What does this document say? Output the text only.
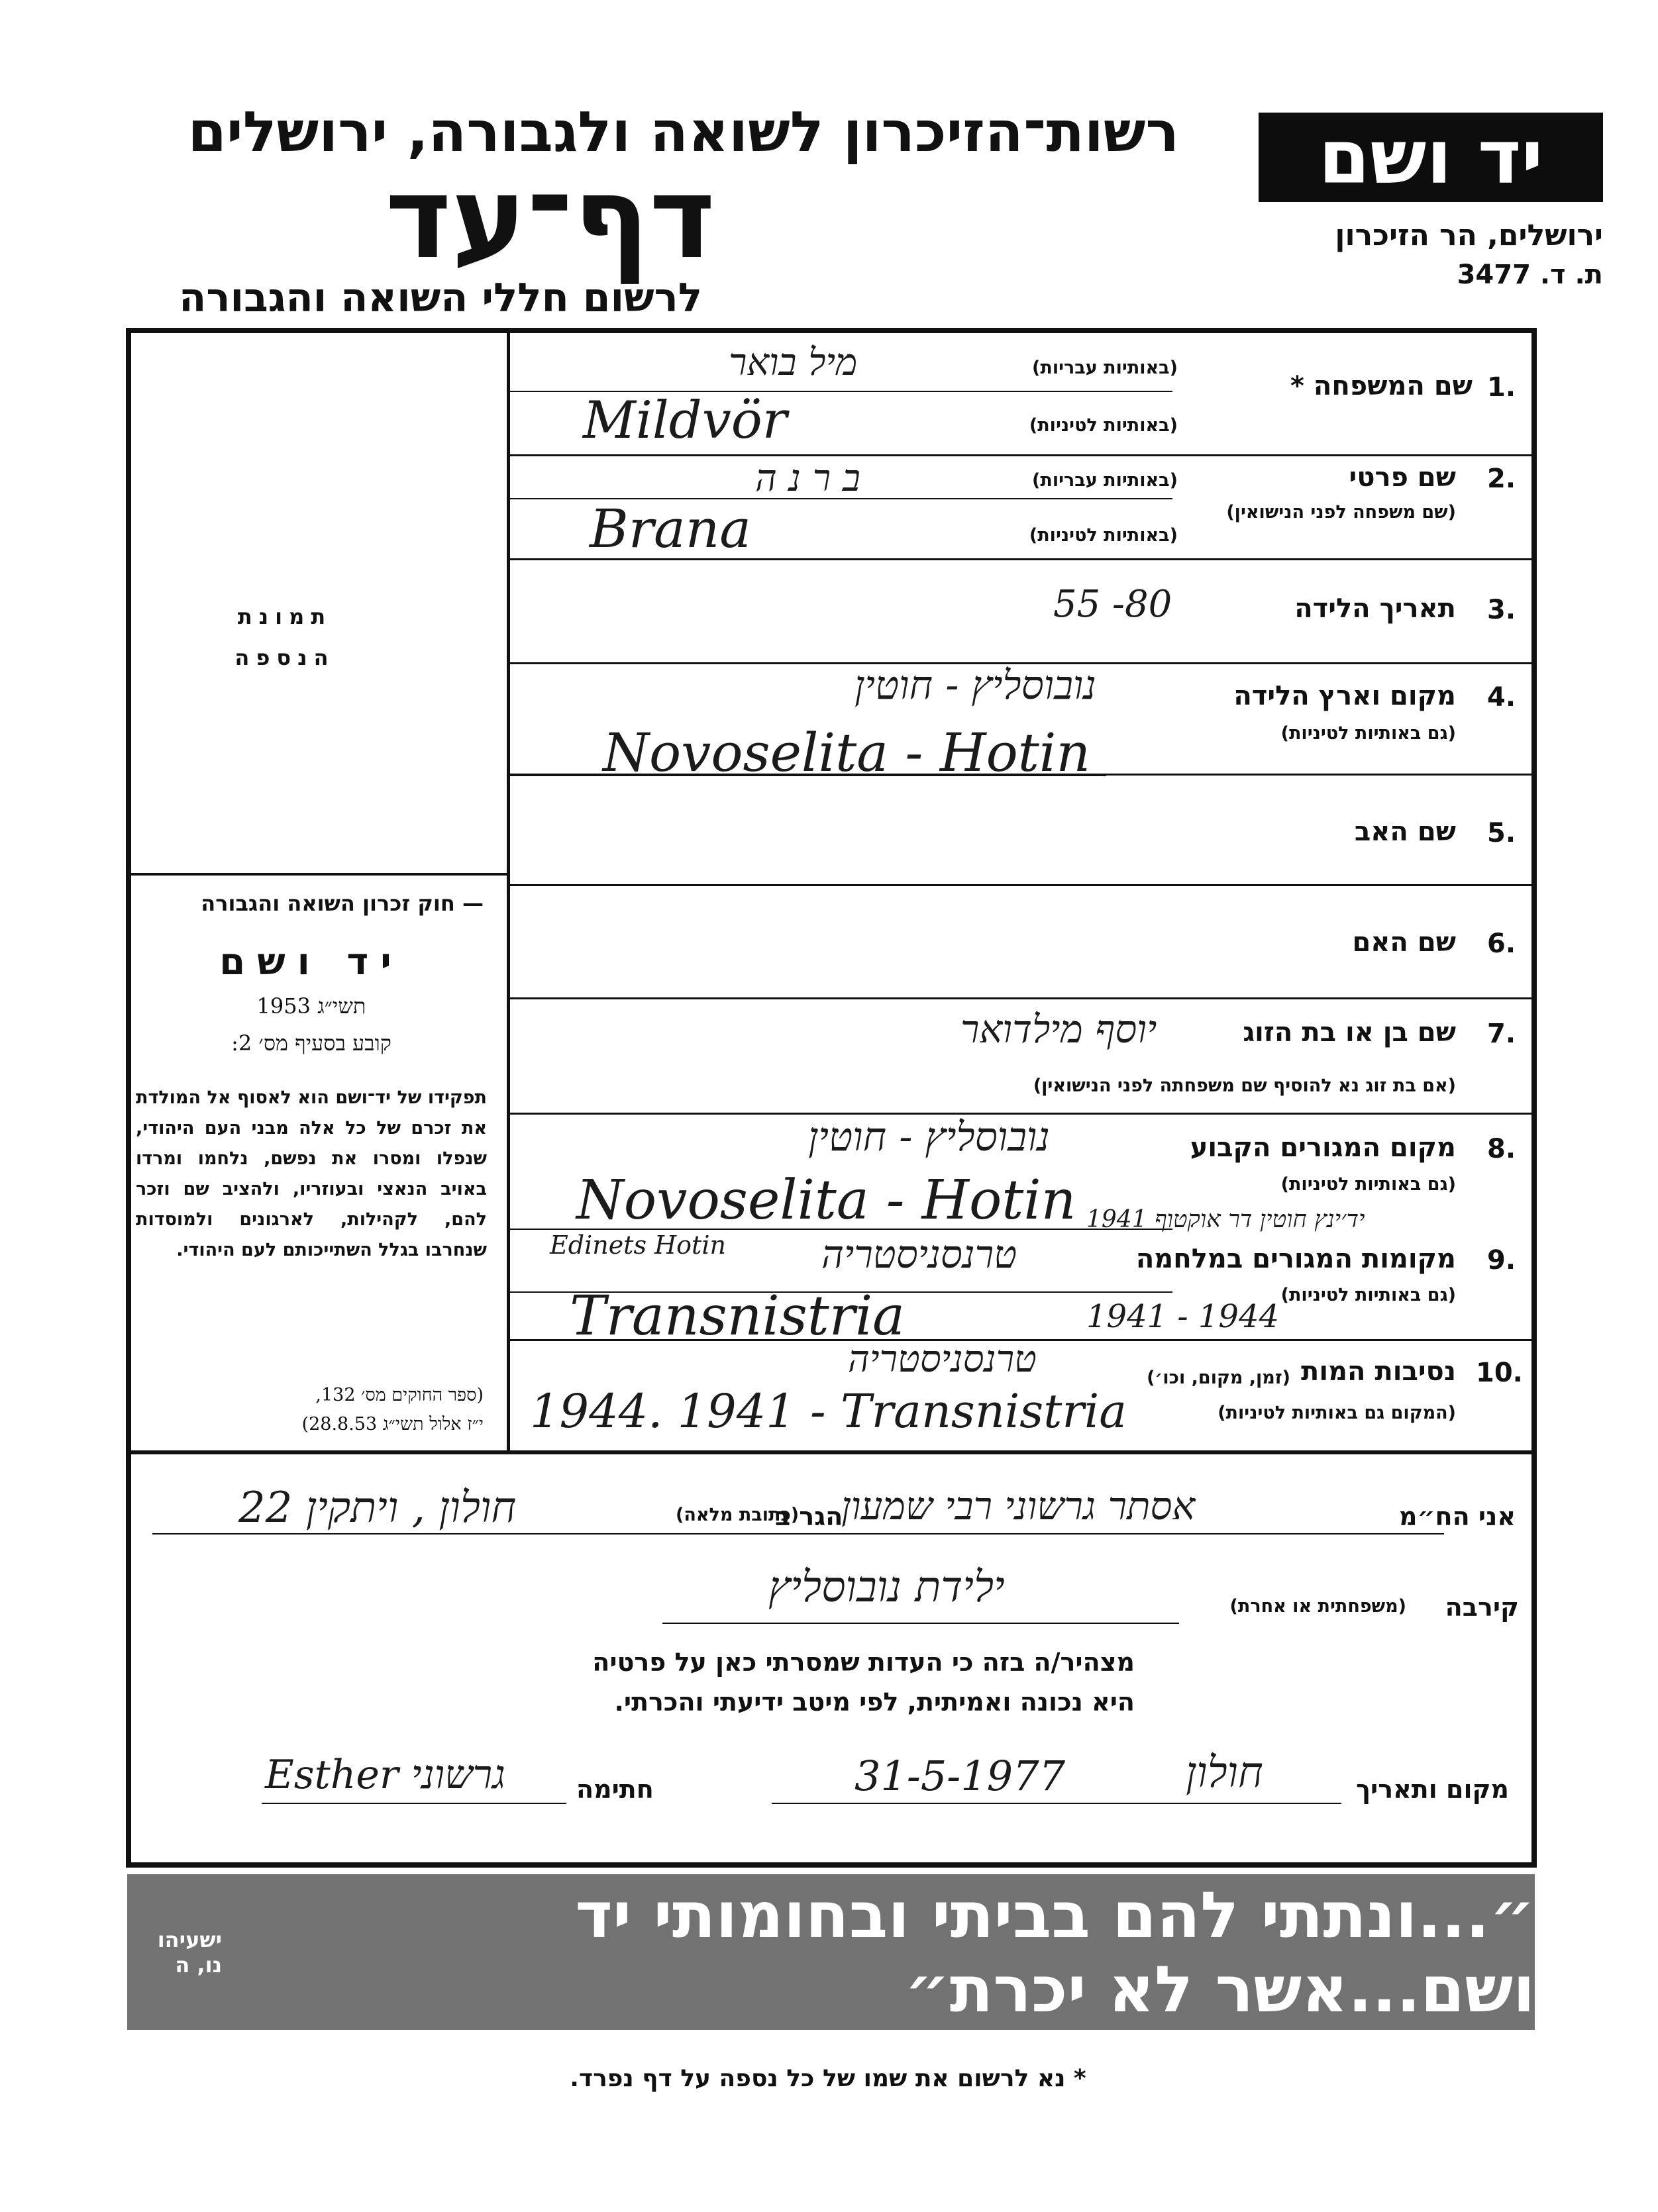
יד ושם
ירושלים, הר הזיכרון
ת. ד. 3477
רשות־הזיכרון לשואה ולגבורה, ירושלים
דף־עד
לרשום חללי השואה והגבורה
תמונת
הנספה
— חוק זכרון השואה והגבורה
יד ושם
תשי״ג 1953
קובע בסעיף מס׳ 2:
תפקידו של יד־ושם הוא לאסוף אל המולדת את זכרם של כל אלה מבני העם היהודי, שנפלו ומסרו את נפשם, נלחמו ומרדו באויב הנאצי ובעוזריו, ולהציב שם וזכר להם, לקהילות, לארגונים ולמוסדות שנחרבו בגלל השתייכותם לעם היהודי.
(ספר החוקים מס׳ 132,
י״ז אלול תשי״ג 28.8.53)
1.
שם המשפחה *
(באותיות עבריות)
(באותיות לטיניות)
מיל בואר
Mildvör
2.
שם פרטי
(שם משפחה לפני הנישואין)
(באותיות עבריות)
(באותיות לטיניות)
ב ר נ ה
Brana
3.
תאריך הלידה
55 -80
4.
מקום וארץ הלידה
(גם באותיות לטיניות)
נובוסליץ - חוטין
Novoselita - Hotin
5.
שם האב
6.
שם האם
7.
שם בן או בת הזוג
(אם בת זוג נא להוסיף שם משפחתה לפני הנישואין)
יוסף מילדואר
8.
מקום המגורים הקבוע
(גם באותיות לטיניות)
נובוסליץ - חוטין
Novoselita - Hotin
9.
מקומות המגורים במלחמה
(גם באותיות לטיניות)
יד׳ינץ חוטין דר אוקטוף 1941
Edinets Hotin טרנסניסטריה
Transnistria	1941 - 1944
10.
נסיבות המות
(זמן, מקום, וכו׳)
(המקום גם באותיות לטיניות)
טרנסניסטריה
1944. 1941 - Transnistria
אני הח״מ
אסתר גרשוני רבי שמעון
הגר ב
(כתובת מלאה)
חולון , ויתקין 22
קירבה
(משפחתית או אחרת)
ילידת נובוסליץ
מצהיר/ה בזה כי העדות שמסרתי כאן על פרטיה
היא נכונה ואמיתית, לפי מיטב ידיעתי והכרתי.
מקום ותאריך
חולון
31-5-1977
חתימה
Esther גרשוני
״...ונתתי להם בביתי ובחומותי יד ושם...אשר לא יכרת״
ישעיהו נו, ה
* נא לרשום את שמו של כל נספה על דף נפרד.
